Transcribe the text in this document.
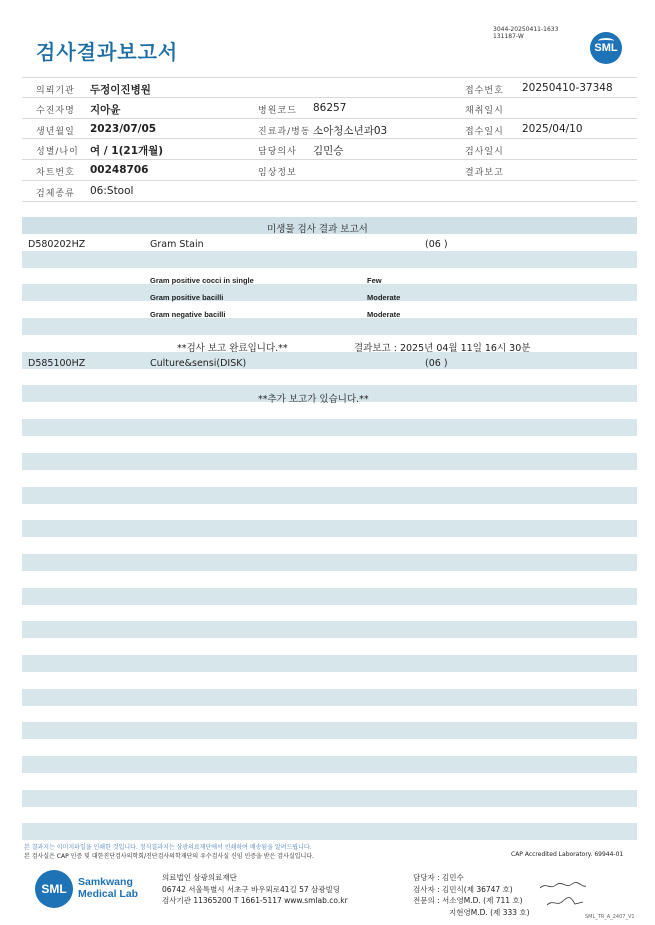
검사결과보고서
3044-20250411-1633
131187-W
SML
의뢰기관 두정이진병원	접수번호 20250410-37348
수진자명 지아윤	병원코드 86257	채취일시
생년월일 2023/07/05	진료과/병동 소아청소년과03	접수일시 2025/04/10
성별/나이 여 / 1(21개월)	담당의사 김민승	검사일시
차트번호 00248706	임상정보	결과보고
검체종류 06:Stool
미생물 검사 결과 보고서
D580202HZ	Gram Stain	(06 )
Gram positive cocci in single	Few
Gram positive bacilli	Moderate
Gram negative bacilli	Moderate
**검사 보고 완료입니다.**	결과보고 : 2025년 04월 11일 16시 30분
D585100HZ	Culture&sensi(DISK)	(06 )
**추가 보고가 있습니다.**
본 결과지는 이미지파일을 인쇄한 것입니다. 정식결과지는 삼광의료재단에서 인쇄하여 배송됨을 알려드립니다.
본 검사실은 CAP 인증 및 대한진단검사의학회/진단검사의학재단의 우수검사실 신임 인증을 받은 검사실입니다.	CAP Accredited Laboratory. 69944-01
SML	Samkwang
Medical Lab
의료법인 삼광의료재단
06742 서울특별시 서초구 바우뫼로41길 57 삼광빌딩
검사기관 11365200 T 1661-5117 www.smlab.co.kr
담당자 : 김민수
검사자 : 김민식(제 36747 호)
전문의 : 서소영M.D. (제 711 호)
지현영M.D. (제 333 호)
SML_TR_A_2407_V1
